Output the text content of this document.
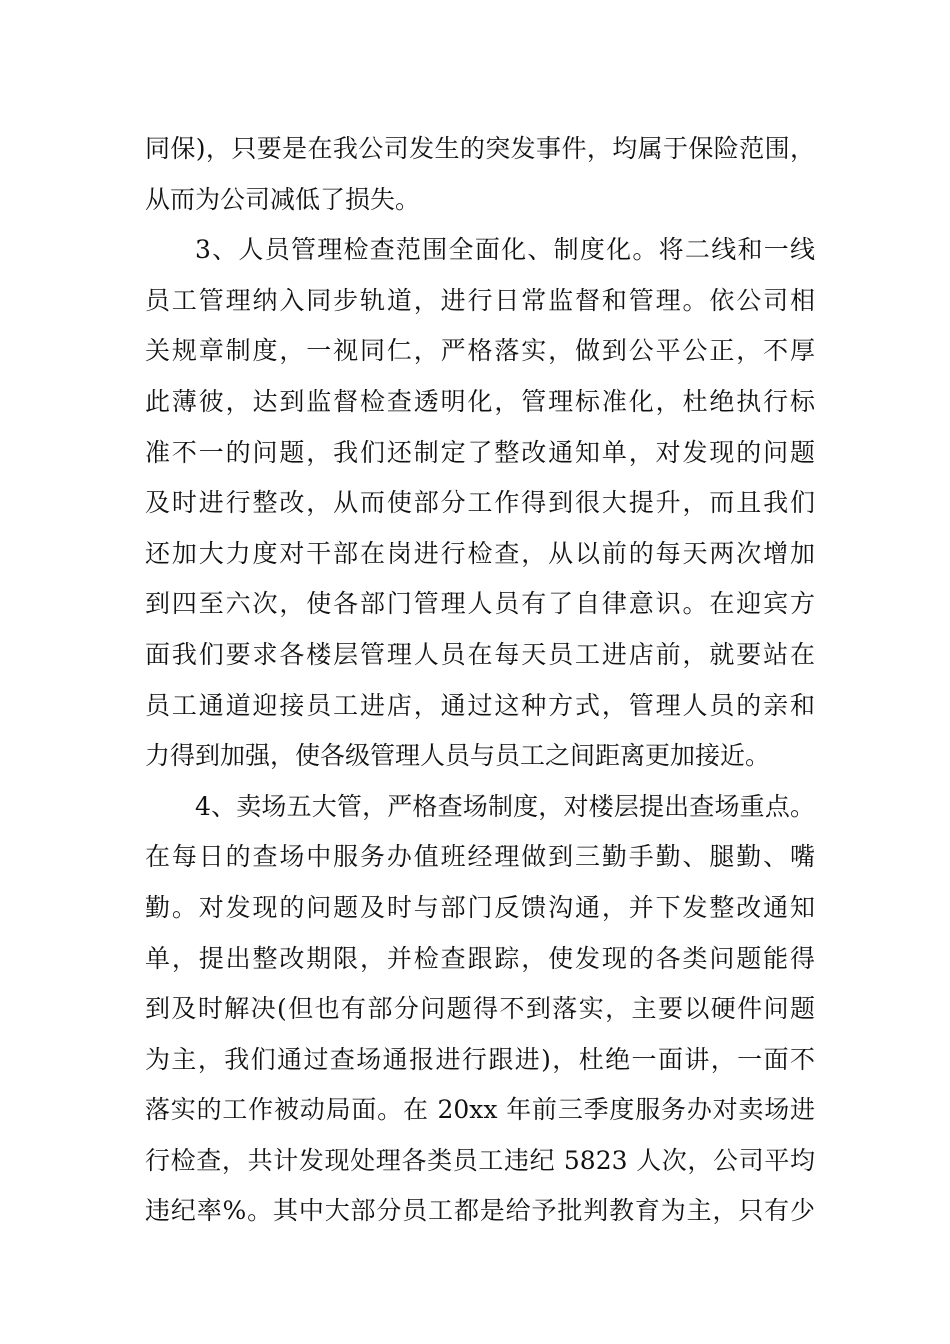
同保)，只要是在我公司发生的突发事件，均属于保险范围，
从而为公司减低了损失。
3、人员管理检查范围全面化、制度化。将二线和一线
员工管理纳入同步轨道，进行日常监督和管理。依公司相
关规章制度，一视同仁，严格落实，做到公平公正，不厚
此薄彼，达到监督检查透明化，管理标准化，杜绝执行标
准不一的问题，我们还制定了整改通知单，对发现的问题
及时进行整改，从而使部分工作得到很大提升，而且我们
还加大力度对干部在岗进行检查，从以前的每天两次增加
到四至六次，使各部门管理人员有了自律意识。在迎宾方
面我们要求各楼层管理人员在每天员工进店前，就要站在
员工通道迎接员工进店，通过这种方式，管理人员的亲和
力得到加强，使各级管理人员与员工之间距离更加接近。
4、卖场五大管，严格查场制度，对楼层提出查场重点。
在每日的查场中服务办值班经理做到三勤手勤、腿勤、嘴
勤。对发现的问题及时与部门反馈沟通，并下发整改通知
单，提出整改期限，并检查跟踪，使发现的各类问题能得
到及时解决(但也有部分问题得不到落实，主要以硬件问题
为主，我们通过查场通报进行跟进)，杜绝一面讲，一面不
落实的工作被动局面。在 20xx 年前三季度服务办对卖场进
行检查，共计发现处理各类员工违纪 5823 人次，公司平均
违纪率%。其中大部分员工都是给予批判教育为主，只有少
